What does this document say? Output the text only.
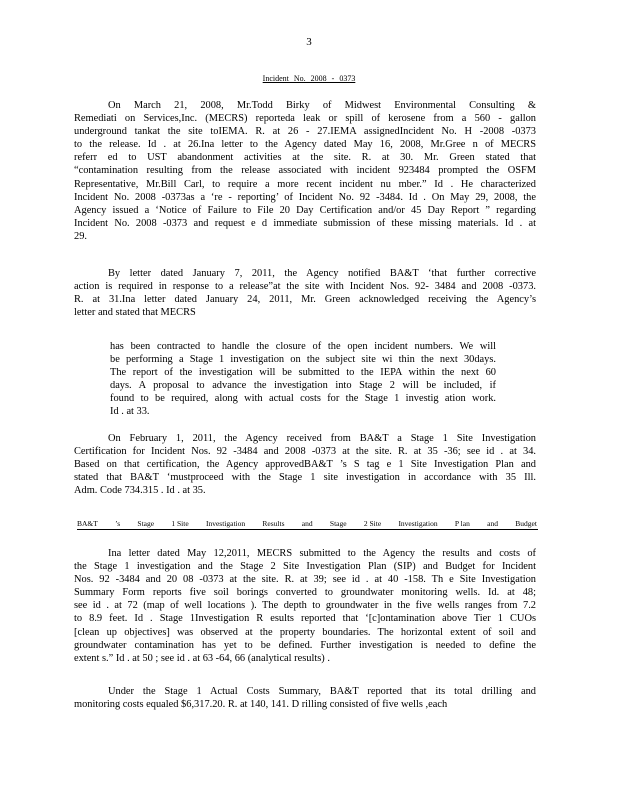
3
Incident No. 2008 - 0373
On March 21, 2008, Mr.Todd Birky of Midwest Environmental Consulting &
Remediati on Services,Inc. (MECRS) reporteda leak or spill of kerosene from a 560 - gallon
underground tankat the site toIEMA. R. at 26 - 27.IEMA assignedIncident No. H -2008 -0373
to the release. Id . at 26.Ina letter to the Agency dated May 16, 2008, Mr.Gree n of MECRS
referr ed to UST abandonment activities at the site. R. at 30. Mr. Green stated that
“contamination resulting from the release associated with incident 923484 prompted the OSFM
Representative, Mr.Bill Carl, to require a more recent incident nu mber.” Id . He characterized
Incident No. 2008 -0373as a ‘re - reporting’ of Incident No. 92 -3484. Id . On May 29, 2008, the
Agency issued a ‘Notice of Failure to File 20 Day Certification and/or 45 Day Report ” regarding
Incident No. 2008 -0373 and request e d immediate submission of these missing materials. Id . at
29.
By letter dated January 7, 2011, the Agency notified BA&T ‘that further corrective
action is required in response to a release”at the site with Incident Nos. 92- 3484 and 2008 -0373.
R. at 31.Ina letter dated January 24, 2011, Mr. Green acknowledged receiving the Agency’s
letter and stated that MECRS
has been contracted to handle the closure of the open incident numbers. We will
be performing a Stage 1 investigation on the subject site wi thin the next 30days.
The report of the investigation will be submitted to the IEPA within the next 60
days. A proposal to advance the investigation into Stage 2 will be included, if
found to be required, along with actual costs for the Stage 1 investig ation work.
Id . at 33.
On February 1, 2011, the Agency received from BA&T a Stage 1 Site Investigation
Certification for Incident Nos. 92 -3484 and 2008 -0373 at the site. R. at 35 -36; see id . at 34.
Based on that certification, the Agency approvedBA&T ’s S tag e 1 Site Investigation Plan and
stated that BA&T ‘mustproceed with the Stage 1 site investigation in accordance with 35 Ill.
Adm. Code 734.315 . Id . at 35.
BA&T ’s Stage 1 Site Investigation Results and Stage 2 Site Investigation P lan and Budget
Ina letter dated May 12,2011, MECRS submitted to the Agency the results and costs of
the Stage 1 investigation and the Stage 2 Site Investigation Plan (SIP) and Budget for Incident
Nos. 92 -3484 and 20 08 -0373 at the site. R. at 39; see id . at 40 -158. Th e Site Investigation
Summary Form reports five soil borings converted to groundwater monitoring wells. Id. at 48;
see id . at 72 (map of well locations ). The depth to groundwater in the five wells ranges from 7.2
to 8.9 feet. Id . Stage 1Investigation R esults reported that ‘[c]ontamination above Tier 1 CUOs
[clean up objectives] was observed at the property boundaries. The horizontal extent of soil and
groundwater contamination has yet to be defined. Further investigation is needed to define the
extent s.” Id . at 50 ; see id . at 63 -64, 66 (analytical results) .
Under the Stage 1 Actual Costs Summary, BA&T reported that its total drilling and
monitoring costs equaled $6,317.20. R. at 140, 141. D rilling consisted of five wells ,each
